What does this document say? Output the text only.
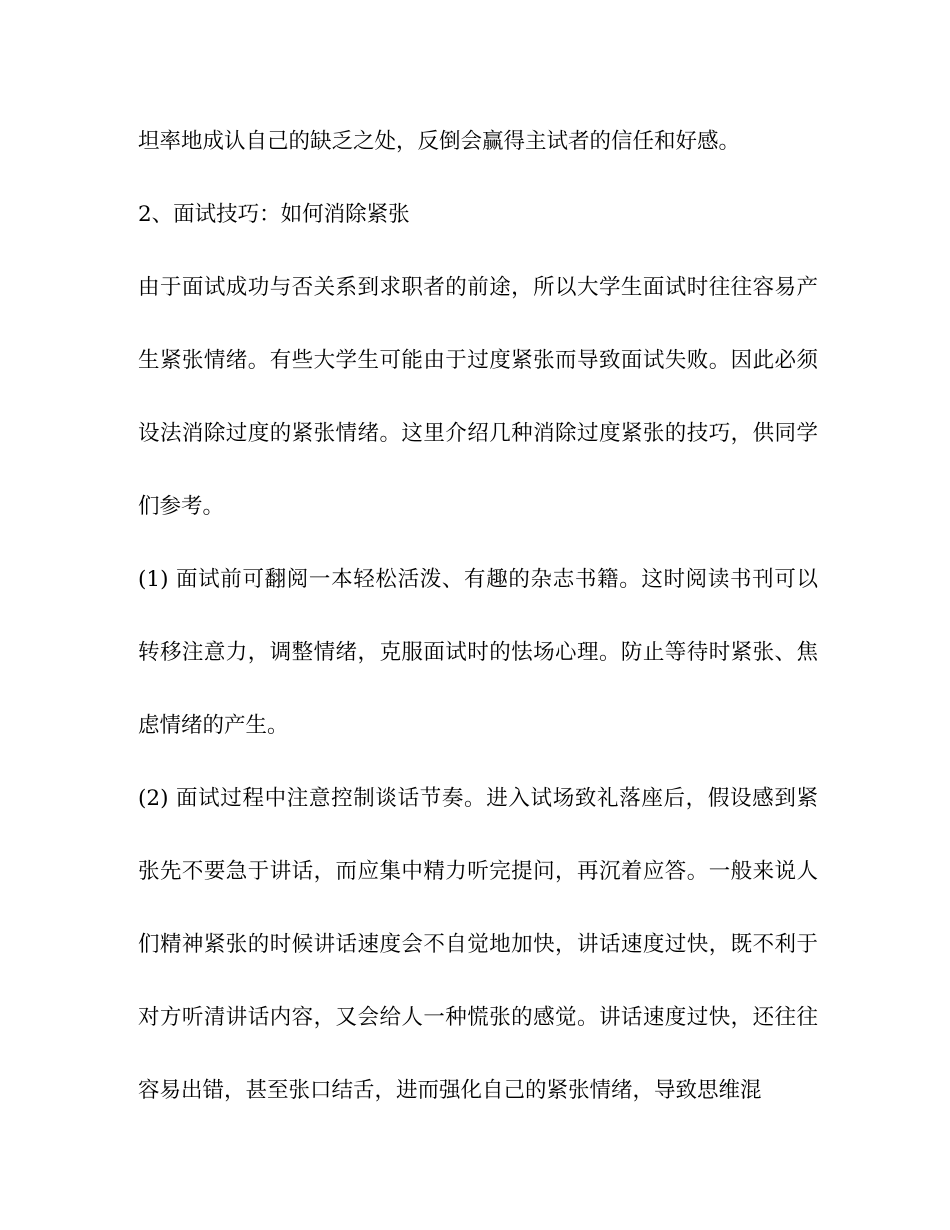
坦率地成认自己的缺乏之处，反倒会赢得主试者的信任和好感。
2、面试技巧：如何消除紧张
由于面试成功与否关系到求职者的前途，所以大学生面试时往往容易产
生紧张情绪。有些大学生可能由于过度紧张而导致面试失败。因此必须
设法消除过度的紧张情绪。这里介绍几种消除过度紧张的技巧，供同学
们参考。
(1) 面试前可翻阅一本轻松活泼、有趣的杂志书籍。这时阅读书刊可以
转移注意力，调整情绪，克服面试时的怯场心理。防止等待时紧张、焦
虑情绪的产生。
(2) 面试过程中注意控制谈话节奏。进入试场致礼落座后，假设感到紧
张先不要急于讲话，而应集中精力听完提问，再沉着应答。一般来说人
们精神紧张的时候讲话速度会不自觉地加快，讲话速度过快，既不利于
对方听清讲话内容，又会给人一种慌张的感觉。讲话速度过快，还往往
容易出错，甚至张口结舌，进而强化自己的紧张情绪，导致思维混
